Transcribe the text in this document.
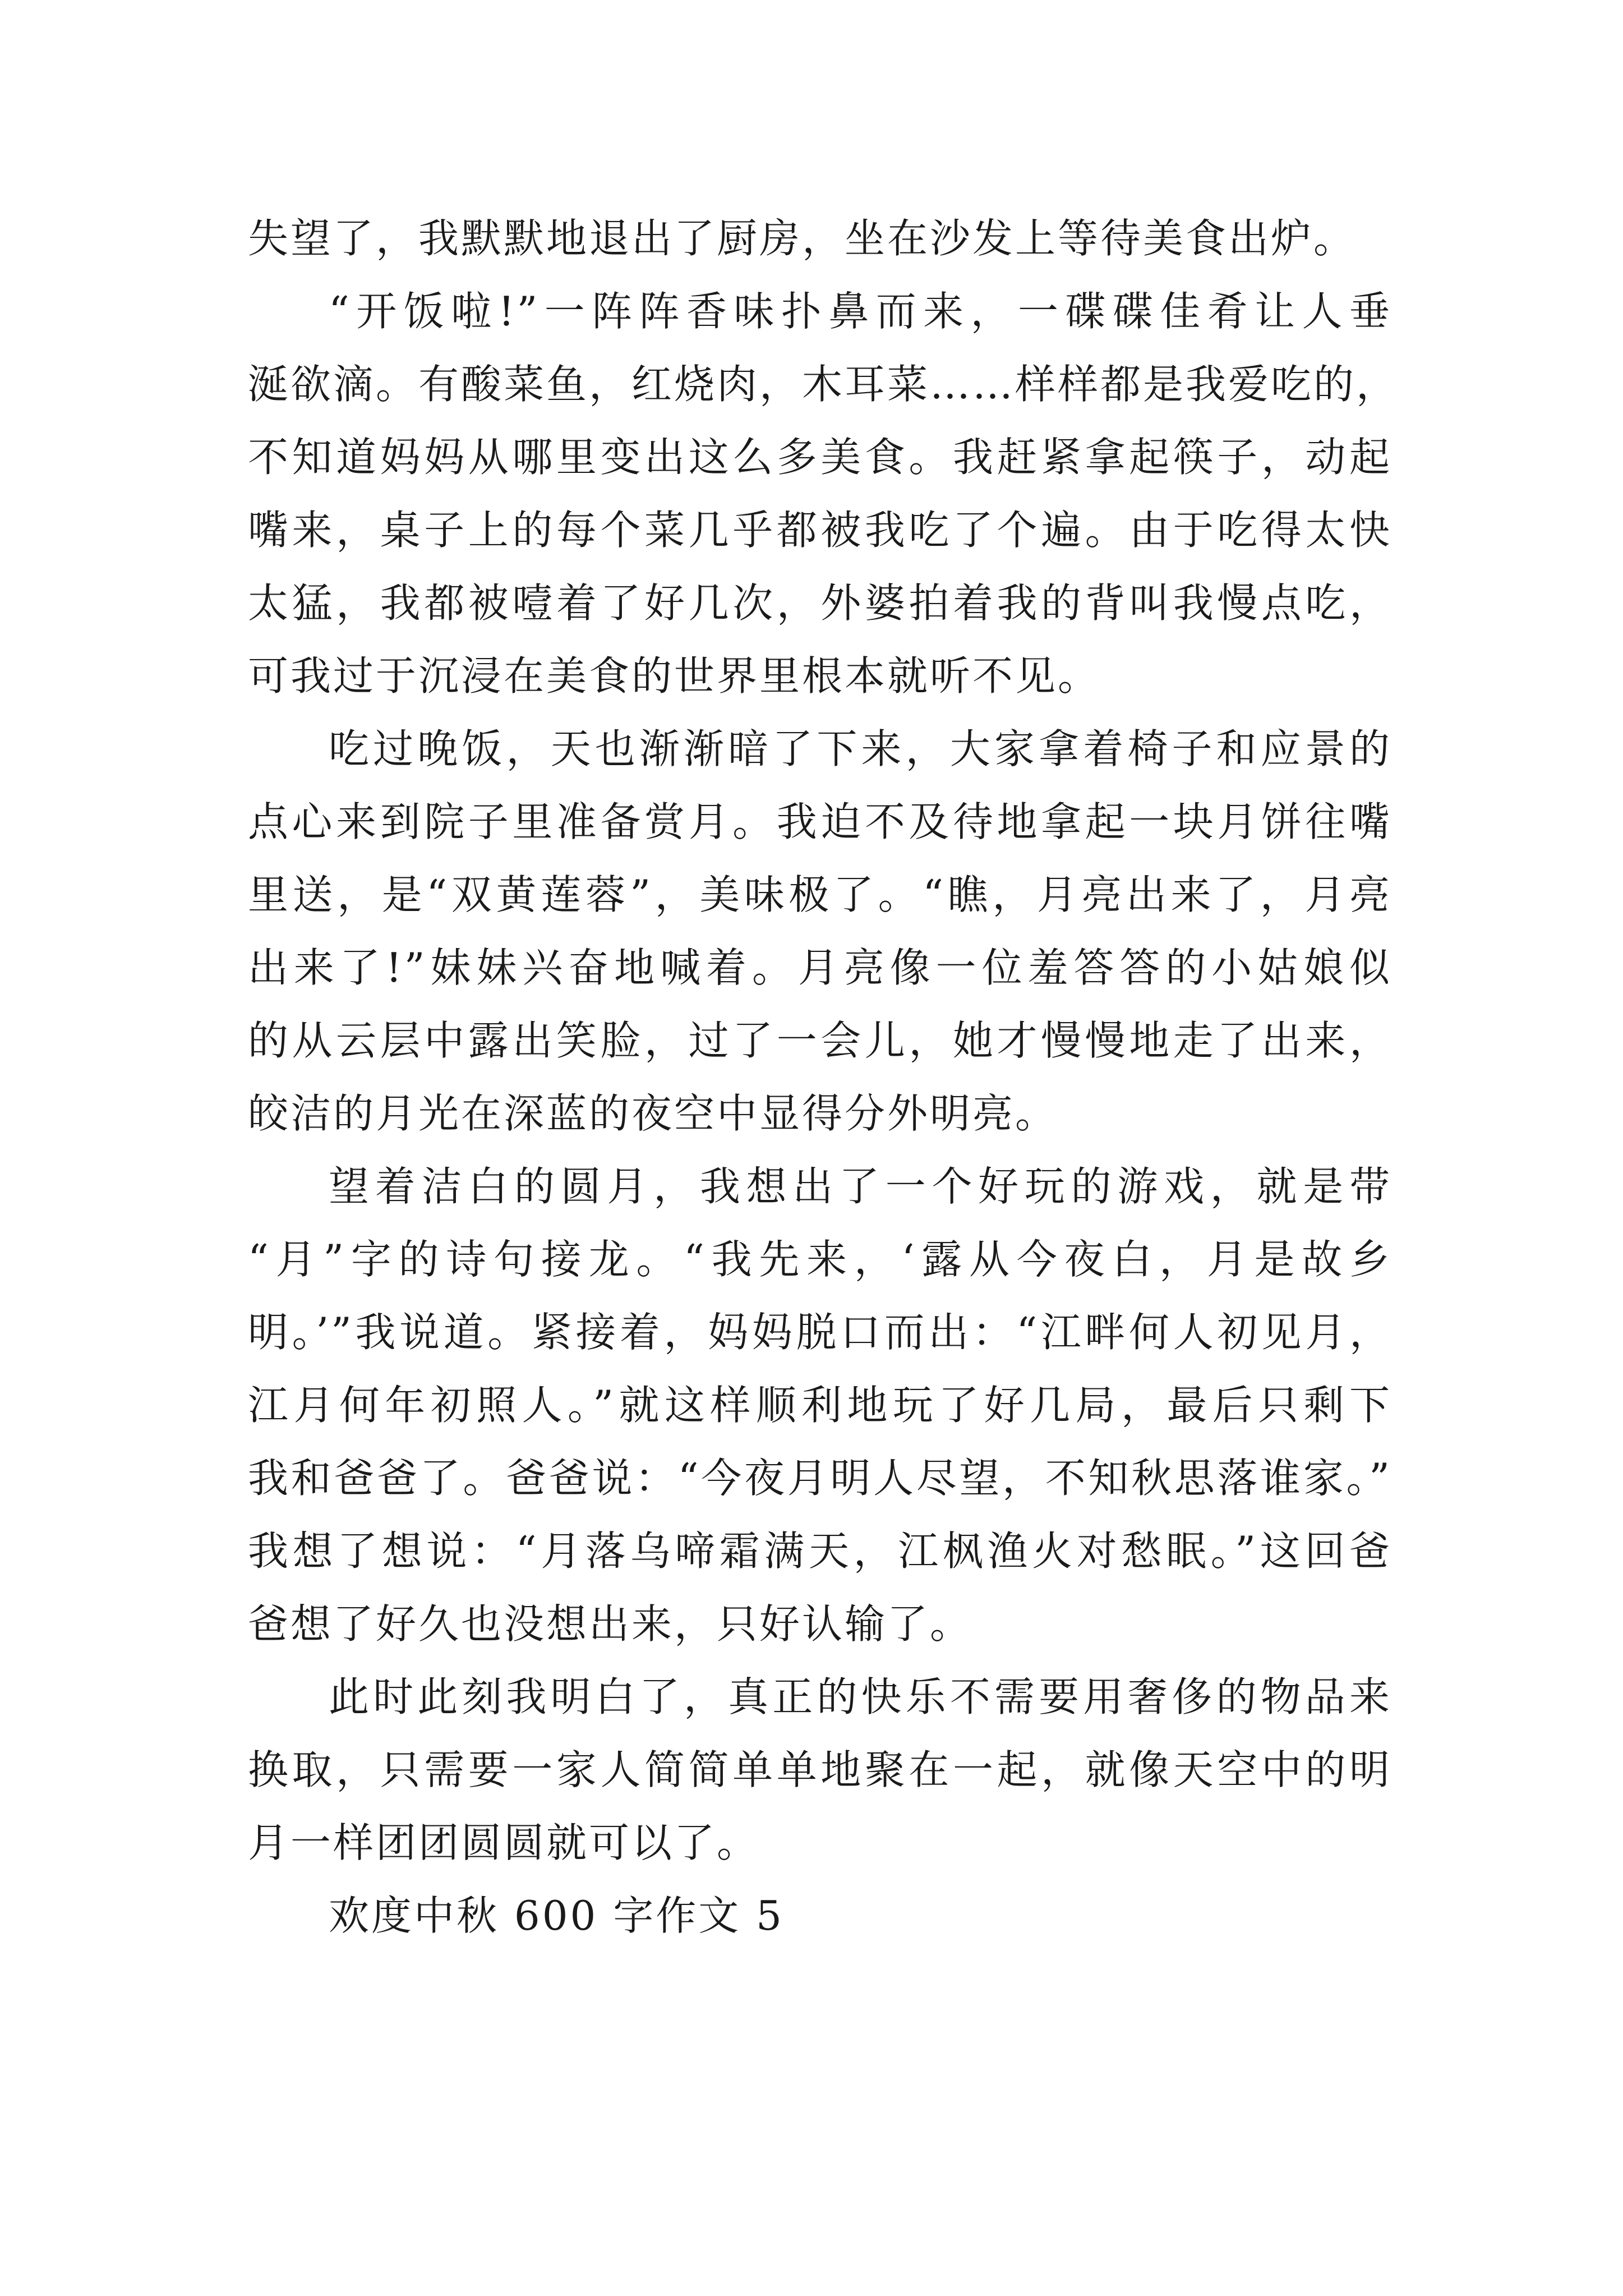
失望了，我默默地退出了厨房，坐在沙发上等待美食出炉。
“开饭啦!”一阵阵香味扑鼻而来，一碟碟佳肴让人垂
涎欲滴。有酸菜鱼，红烧肉，木耳菜……样样都是我爱吃的，
不知道妈妈从哪里变出这么多美食。我赶紧拿起筷子，动起
嘴来，桌子上的每个菜几乎都被我吃了个遍。由于吃得太快
太猛，我都被噎着了好几次，外婆拍着我的背叫我慢点吃，
可我过于沉浸在美食的世界里根本就听不见。
吃过晚饭，天也渐渐暗了下来，大家拿着椅子和应景的
点心来到院子里准备赏月。我迫不及待地拿起一块月饼往嘴
里送，是“双黄莲蓉”，美味极了。“瞧，月亮出来了，月亮
出来了!”妹妹兴奋地喊着。月亮像一位羞答答的小姑娘似
的从云层中露出笑脸，过了一会儿，她才慢慢地走了出来，
皎洁的月光在深蓝的夜空中显得分外明亮。
望着洁白的圆月，我想出了一个好玩的游戏，就是带
“月”字的诗句接龙。“我先来，‘露从今夜白，月是故乡
明。’”我说道。紧接着，妈妈脱口而出：“江畔何人初见月，
江月何年初照人。”就这样顺利地玩了好几局，最后只剩下
我和爸爸了。爸爸说：“今夜月明人尽望，不知秋思落谁家。”
我想了想说：“月落乌啼霜满天，江枫渔火对愁眠。”这回爸
爸想了好久也没想出来，只好认输了。
此时此刻我明白了，真正的快乐不需要用奢侈的物品来
换取，只需要一家人简简单单地聚在一起，就像天空中的明
月一样团团圆圆就可以了。
欢度中秋 600 字作文 5
